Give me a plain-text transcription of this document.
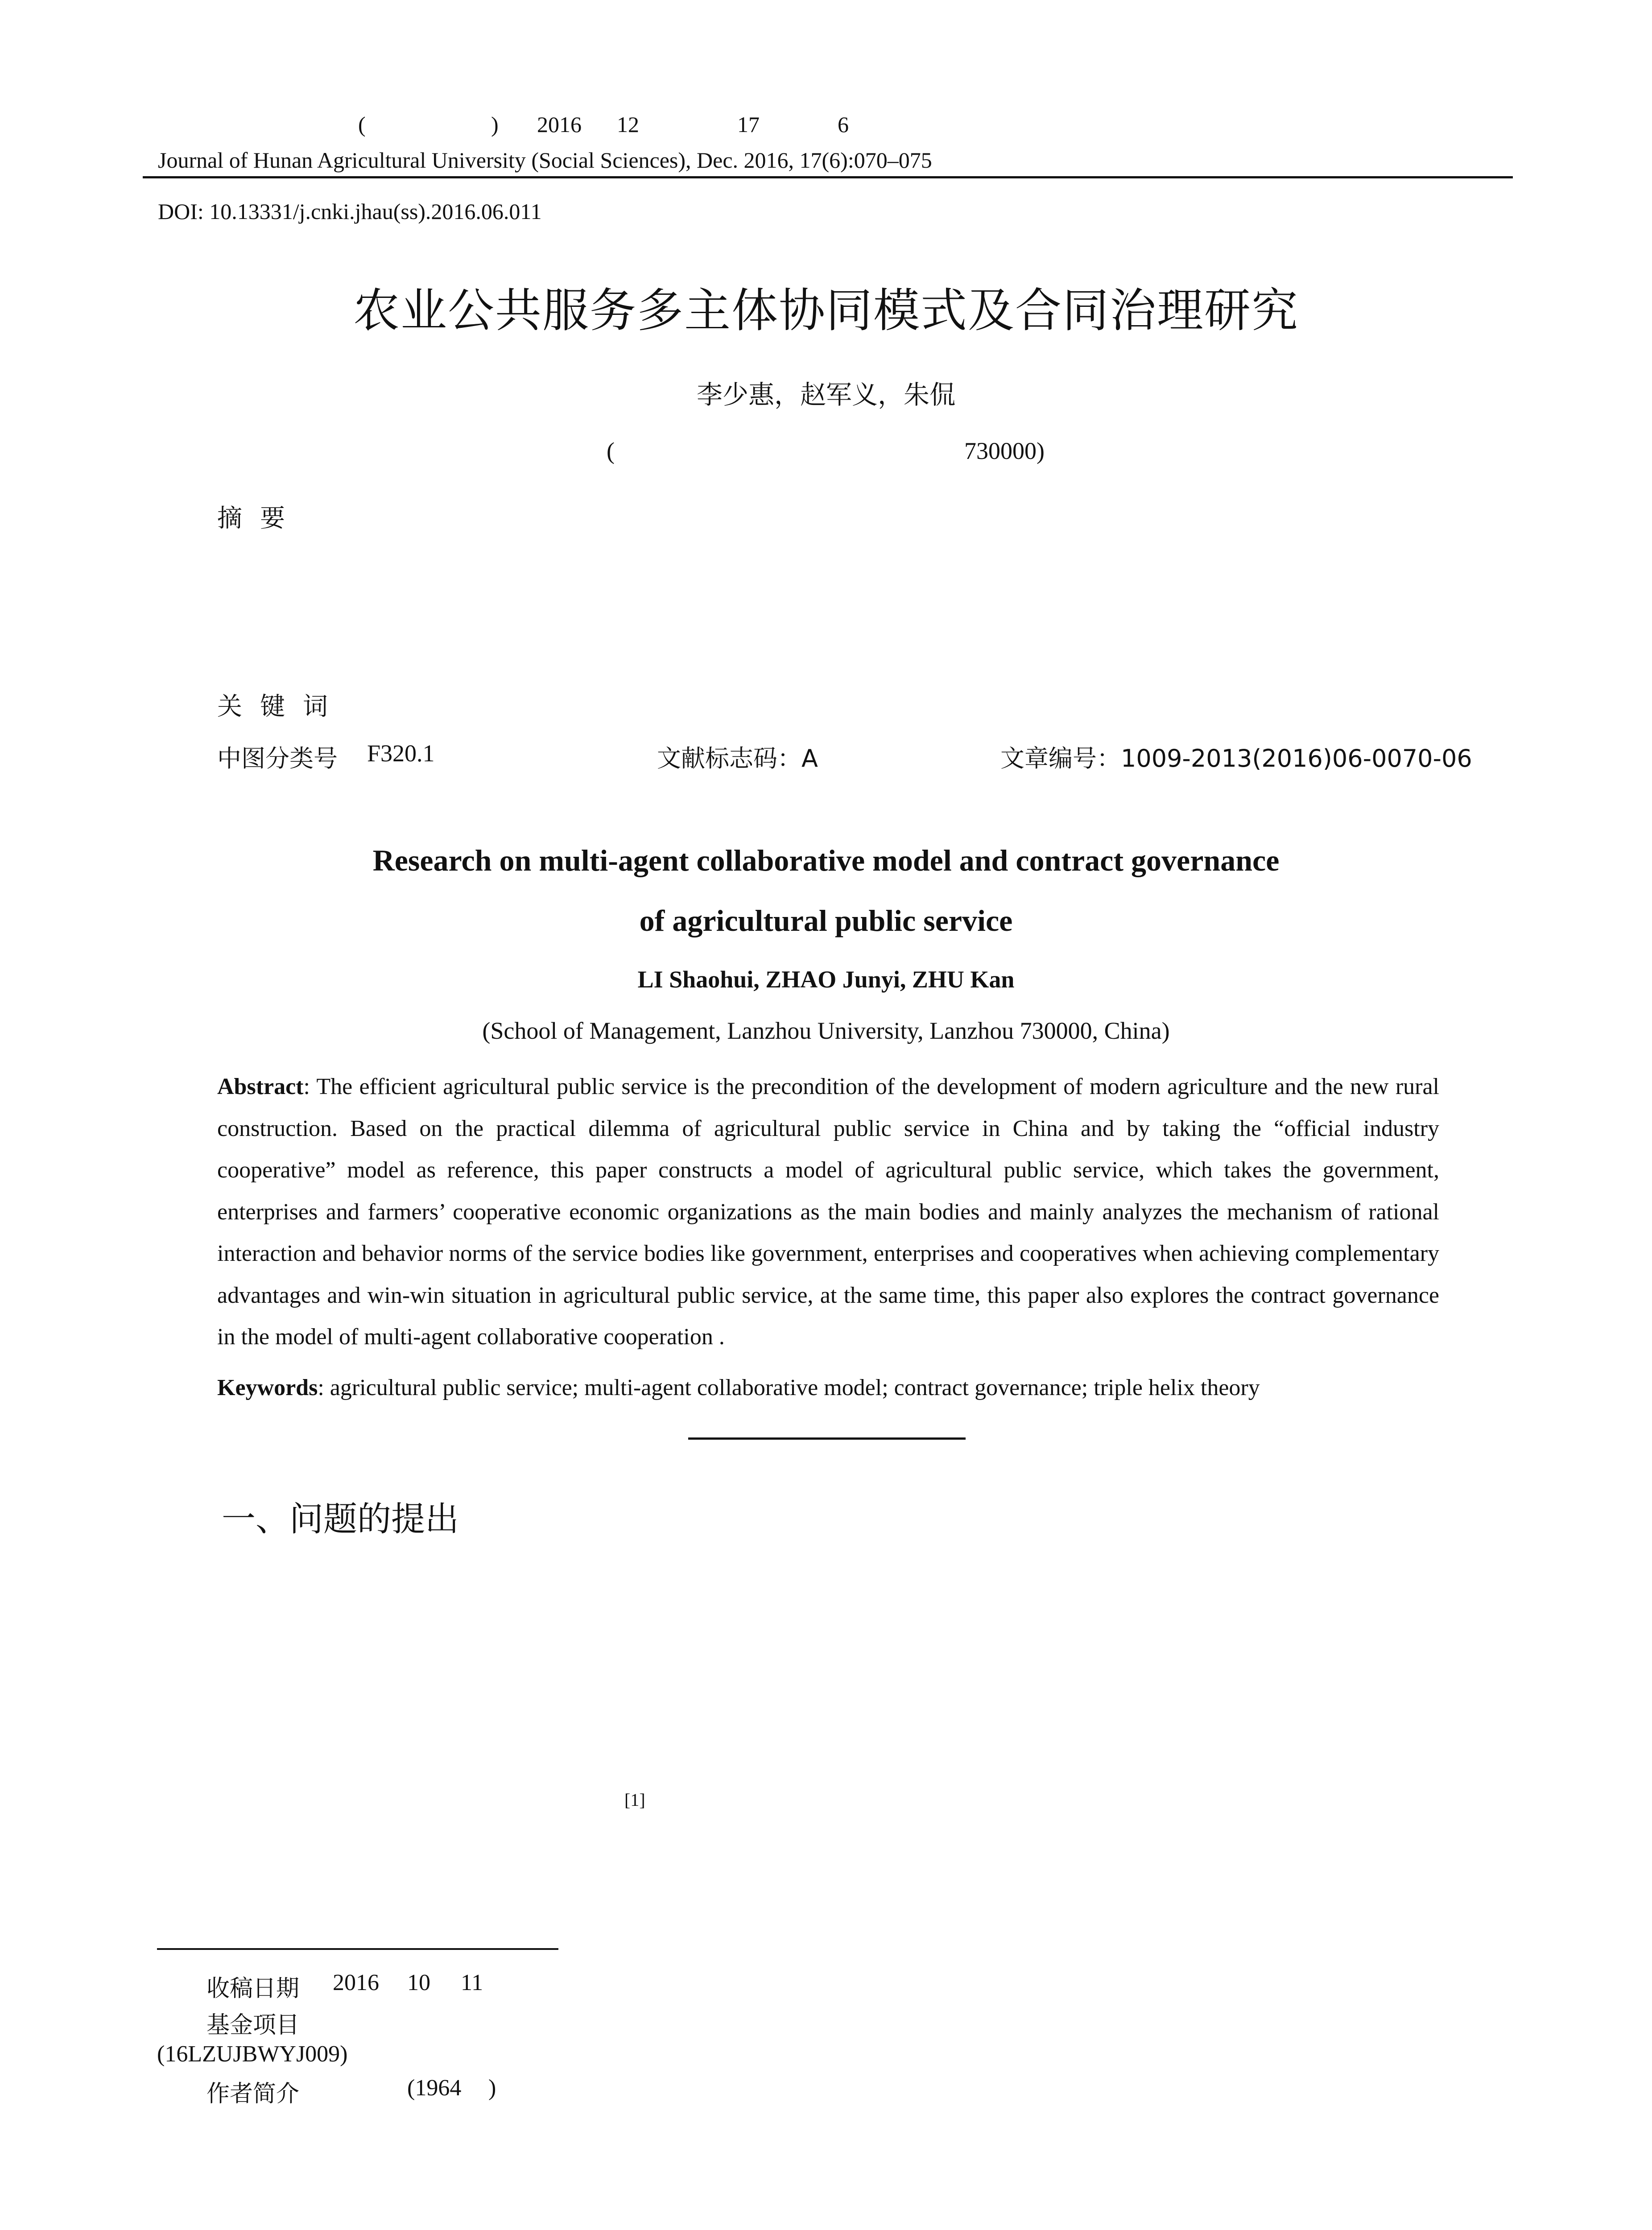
(	) 2016 12	17	6
Journal of Hunan Agricultural University (Social Sciences), Dec. 2016, 17(6):070–075
DOI: 10.13331/j.cnki.jhau(ss).2016.06.011
农业公共服务多主体协同模式及合同治理研究
李少惠，赵军义，朱侃
(	730000)
摘要
关键词
中图分类号 F320.1	文献标志码：A	文章编号：1009-2013(2016)06-0070-06
Research on multi-agent collaborative model and contract governance
of agricultural public service
LI Shaohui, ZHAO Junyi, ZHU Kan
(School of Management, Lanzhou University, Lanzhou 730000, China)
Abstract: The efficient agricultural public service is the precondition of the development of modern agriculture and the new rural construction. Based on the practical dilemma of agricultural public service in China and by taking the “official industry cooperative” model as reference, this paper constructs a model of agricultural public service, which takes the government, enterprises and farmers’ cooperative economic organizations as the main bodies and mainly analyzes the mechanism of rational interaction and behavior norms of the service bodies like government, enterprises and cooperatives when achieving complementary advantages and win-win situation in agricultural public service, at the same time, this paper also explores the contract governance in the model of multi-agent collaborative cooperation .
Keywords: agricultural public service; multi-agent collaborative model; contract governance; triple helix theory
一、问题的提出
[1]
收稿日期 2016 10 11
基金项目
(16LZUJBWYJ009)
作者简介	(1964 )
